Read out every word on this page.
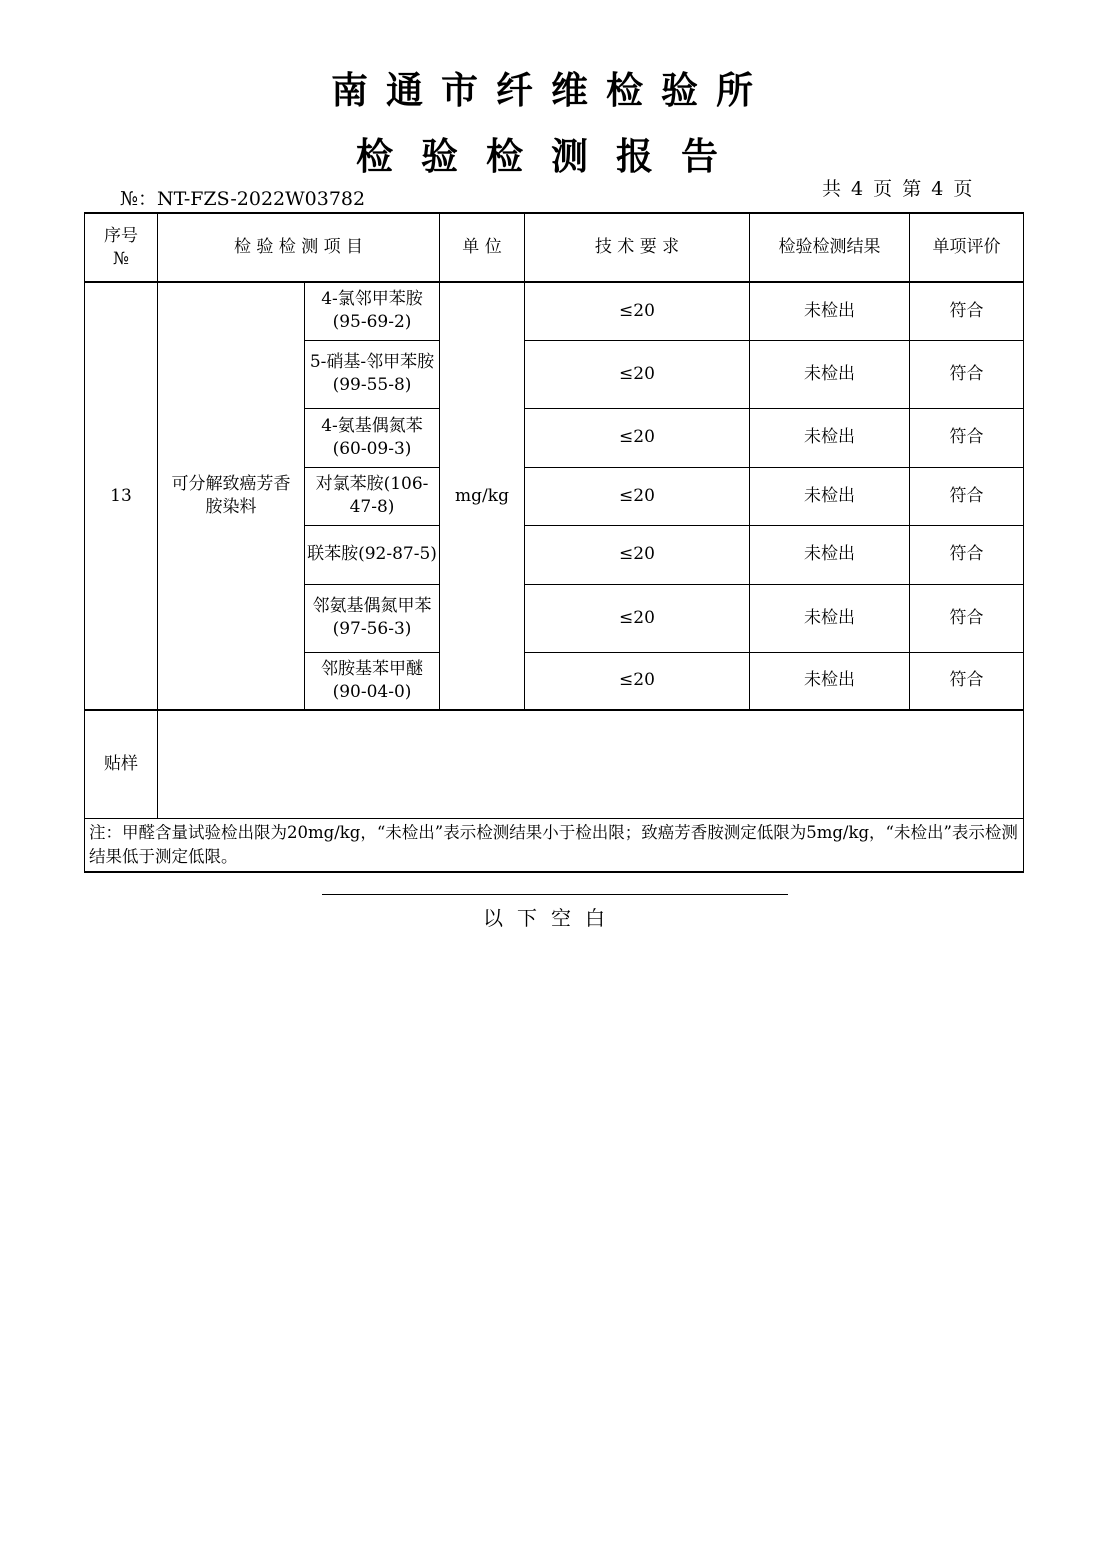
南通市纤维检验所
检验检测报告
№：NT-FZS-2022W03782	共 4 页 第 4 页
序号
№	检 验 检 测 项 目		单 位	技 术 要 求	检验检测结果	单项评价
13	可分解致癌芳香胺染料	4-氯邻甲苯胺(95-69-2)	mg/kg	≤20	未检出	符合
		5-硝基-邻甲苯胺(99-55-8)		≤20	未检出	符合
		4-氨基偶氮苯(60-09-3)		≤20	未检出	符合
		对氯苯胺(106-47-8)		≤20	未检出	符合
		联苯胺(92-87-5)		≤20	未检出	符合
		邻氨基偶氮甲苯(97-56-3)		≤20	未检出	符合
		邻胺基苯甲醚(90-04-0)		≤20	未检出	符合
贴样						
注：甲醛含量试验检出限为20mg/kg，“未检出”表示检测结果小于检出限；致癌芳香胺测定低限为5mg/kg，“未检出”表示检测结果低于测定低限。						
以下空白
